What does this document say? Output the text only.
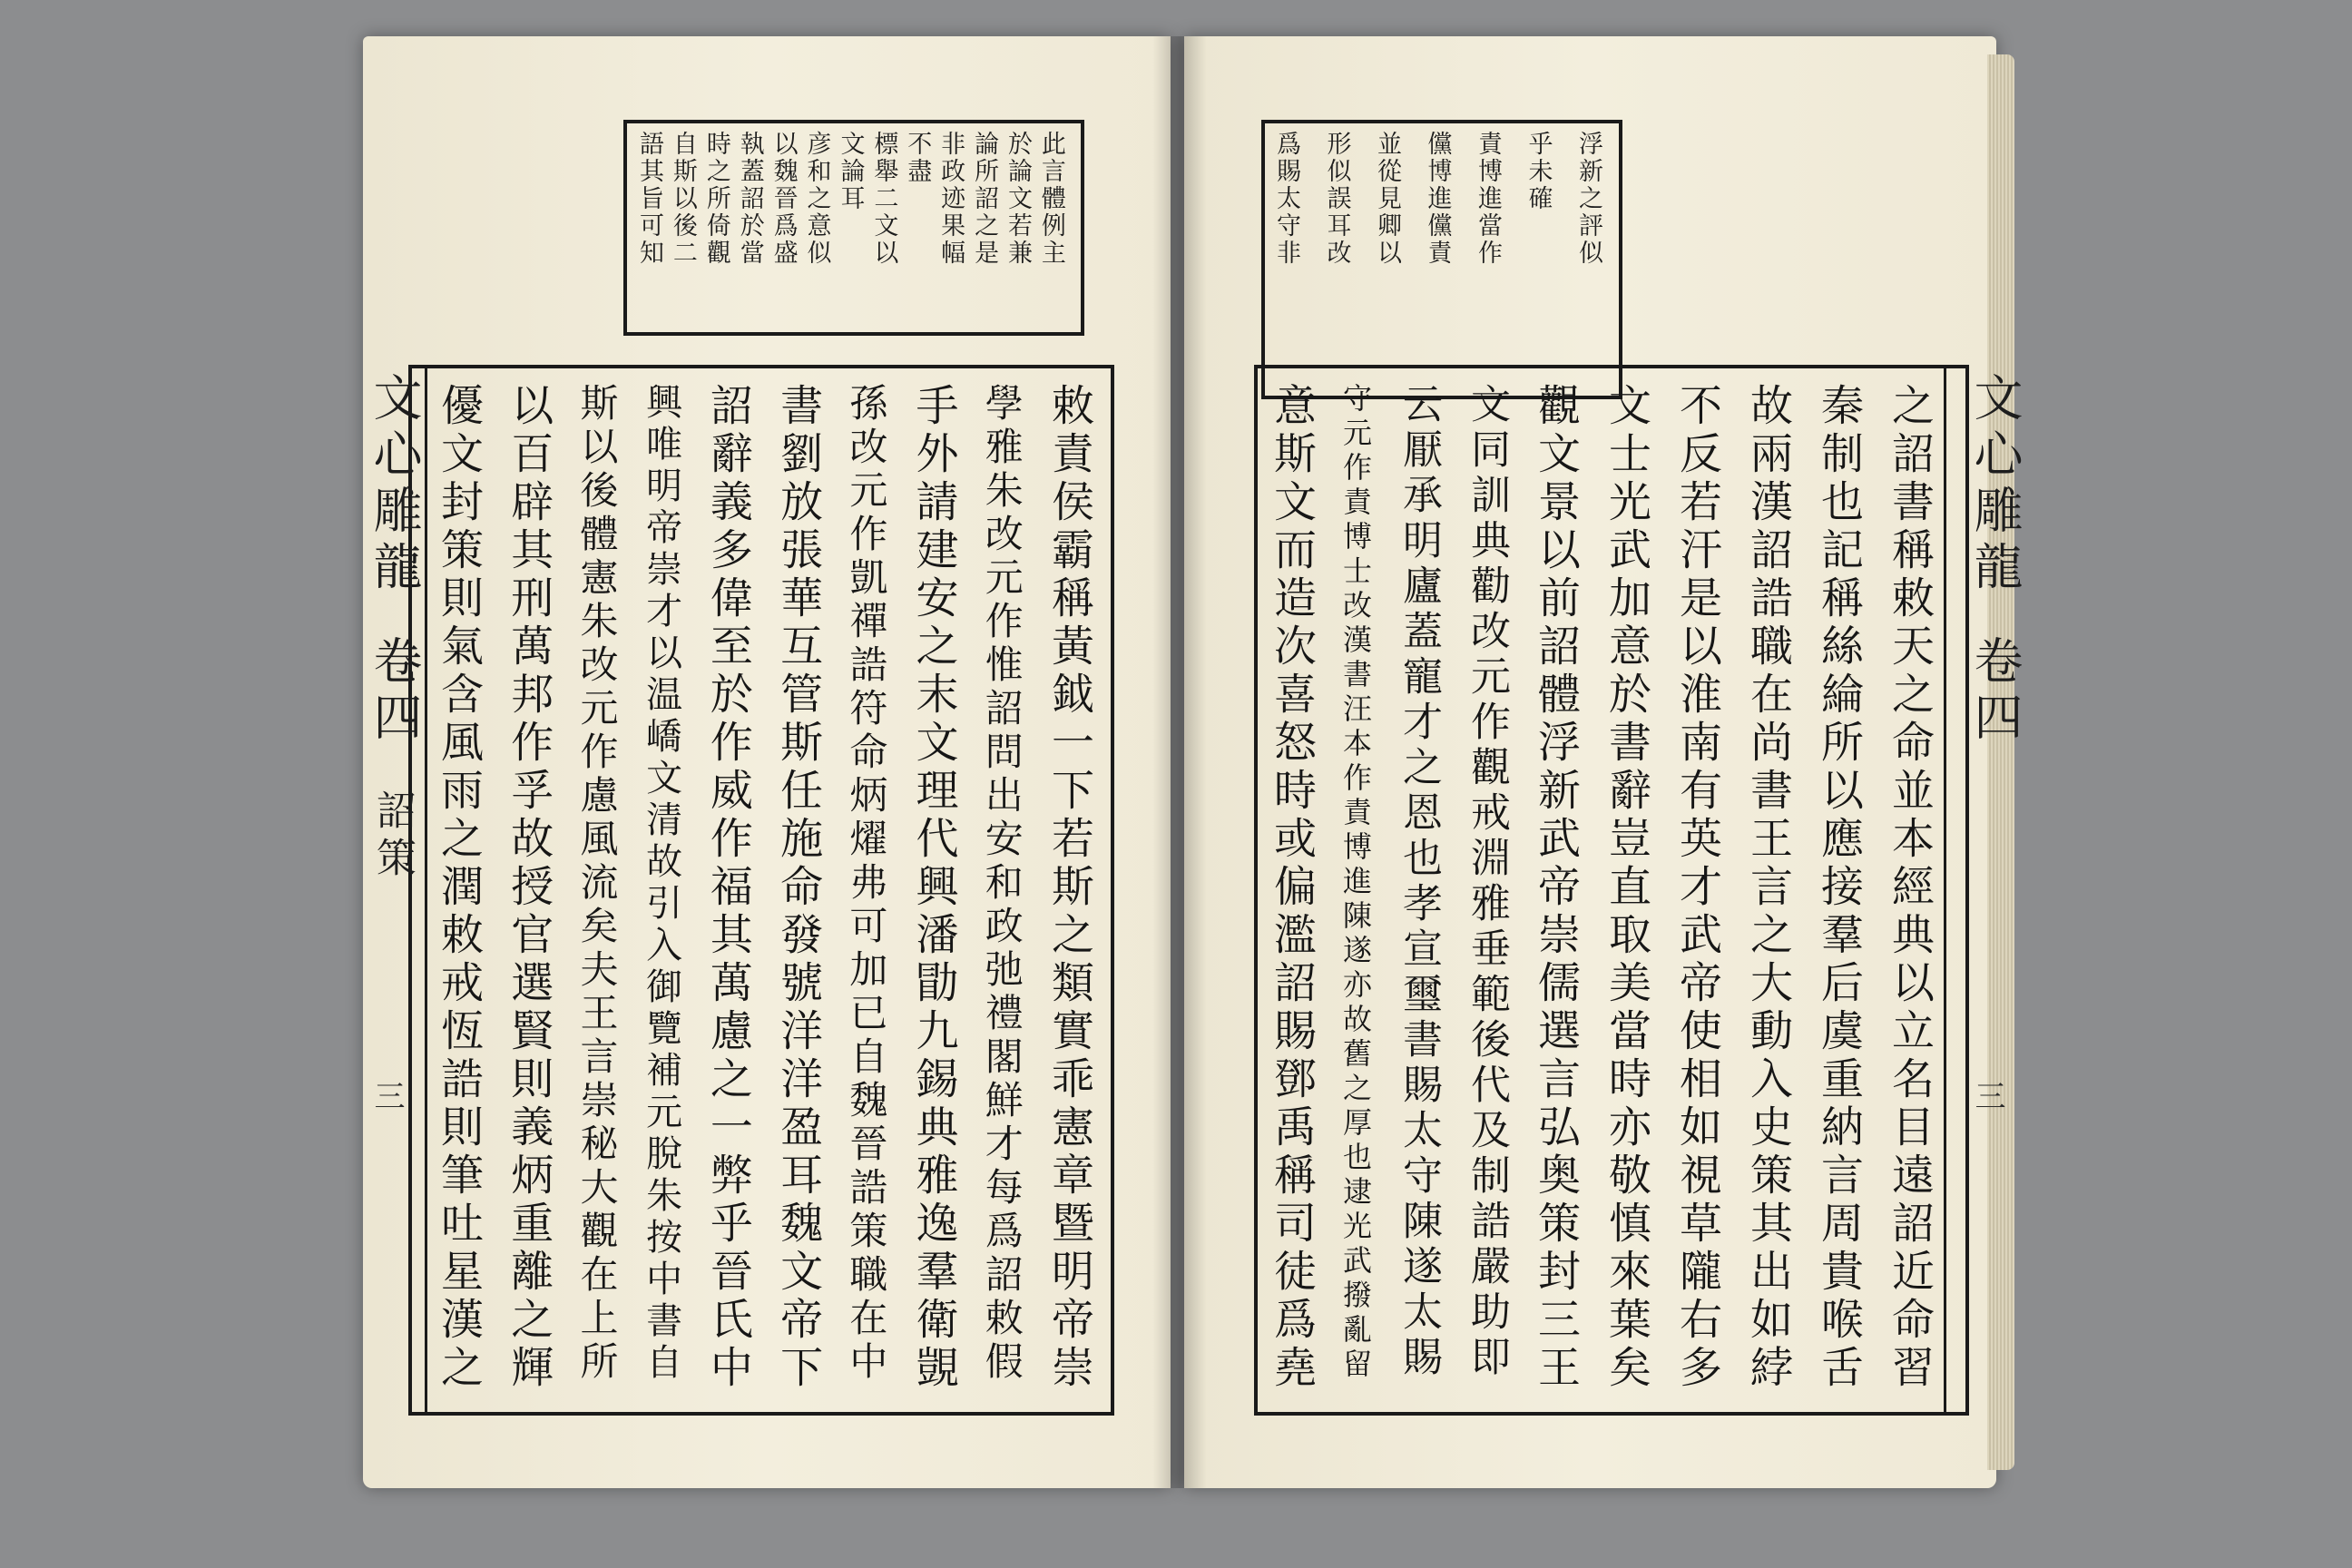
此言體例主
於論文若兼
論所詔之是
非政迹果幅
不盡
標舉二文以
文論耳
彦和之意似
以魏晉爲盛
執蓋詔於當
時之所倚觀
自斯以後二
語其旨可知
敕責侯霸稱黃鉞一下若斯之類實乖憲章暨明帝崇
學雅朱改元作惟詔問出安和政弛禮閣鮮才每爲詔敕假
手外請建安之末文理代興潘勖九錫典雅逸羣衛覬
孫改元作凱禪誥符命炳燿弗可加已自魏晉誥策職在中
書劉放張華互管斯任施命發號洋洋盈耳魏文帝下
詔辭義多偉至於作威作福其萬慮之一弊乎晉氏中
興唯明帝崇才以温嶠文清故引入御覽補元脫朱按中書自
斯以後體憲朱改元作慮風流矣夫王言崇秘大觀在上所
以百辟其刑萬邦作孚故授官選賢則義炳重離之輝
優文封策則氣含風雨之潤敕戒恆誥則筆吐星漢之
文心雕龍
卷四
詔策
三
浮新之評似
乎未確
責博進當作
儻博進儻責
並從見卿以
形似誤耳改
爲賜太守非
之詔書稱敕天之命並本經典以立名目遠詔近命習
秦制也記稱絲綸所以應接羣后虞重納言周貴喉舌
故兩漢詔誥職在尚書王言之大動入史策其出如綍
不反若汗是以淮南有英才武帝使相如視草隴右多
文士光武加意於書辭豈直取美當時亦敬慎來葉矣
觀文景以前詔體浮新武帝崇儒選言弘奥策封三王
文同訓典勸改元作觀戒淵雅垂範後代及制誥嚴助即
云厭承明廬蓋寵才之恩也孝宣璽書賜太守陳遂太賜
守元作責博士改漢書汪本作責博進陳遂亦故舊之厚也逮光武撥亂留
意斯文而造次喜怒時或偏濫詔賜鄧禹稱司徒爲堯	文心雕龍
卷四
三
